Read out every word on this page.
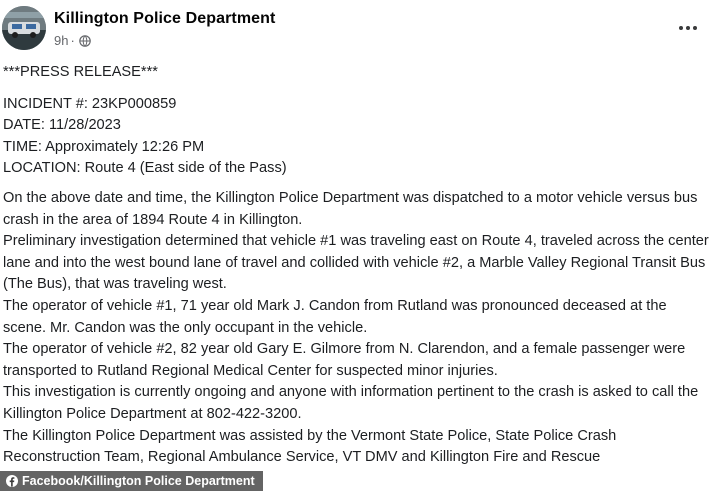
Killington Police Department
9h ·

***PRESS RELEASE***

INCIDENT #: 23KP000859

DATE: 11/28/2023

TIME: Approximately 12:26 PM

LOCATION: Route 4 (East side of the Pass)

On the above date and time, the Killington Police Department was dispatched to a motor vehicle versus bus crash in the area of 1894 Route 4 in Killington.

Preliminary investigation determined that vehicle #1 was traveling east on Route 4, traveled across the center lane and into the west bound lane of travel and collided with vehicle #2, a Marble Valley Regional Transit Bus (The Bus), that was traveling west.

The operator of vehicle #1, 71 year old Mark J. Candon from Rutland was pronounced deceased at the scene. Mr. Candon was the only occupant in the vehicle.

The operator of vehicle #2, 82 year old Gary E. Gilmore from N. Clarendon, and a female passenger were transported to Rutland Regional Medical Center for suspected minor injuries.

This investigation is currently ongoing and anyone with information pertinent to the crash is asked to call the Killington Police Department at 802-422-3200.

The Killington Police Department was assisted by the Vermont State Police, State Police Crash Reconstruction Team, Regional Ambulance Service, VT DMV and Killington Fire and Rescue

Facebook/Killington Police Department
